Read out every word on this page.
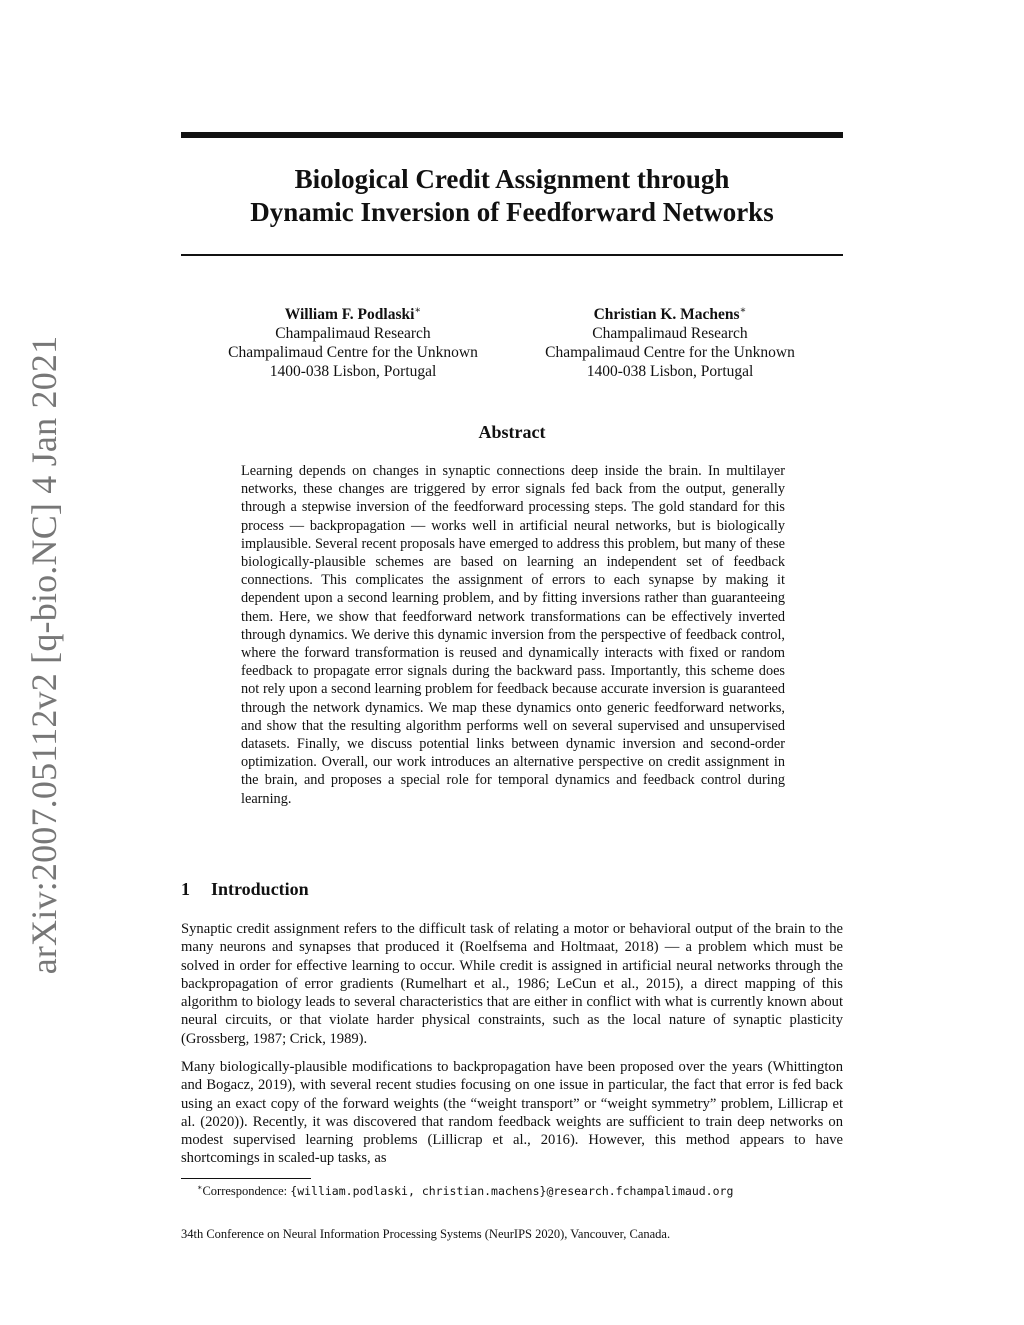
arXiv:2007.05112v2 [q-bio.NC] 4 Jan 2021
Biological Credit Assignment through
Dynamic Inversion of Feedforward Networks
William F. Podlaski∗
Champalimaud Research
Champalimaud Centre for the Unknown
1400-038 Lisbon, Portugal
Christian K. Machens∗
Champalimaud Research
Champalimaud Centre for the Unknown
1400-038 Lisbon, Portugal
Abstract

Learning depends on changes in synaptic connections deep inside the brain. In multilayer networks, these changes are triggered by error signals fed back from the output, generally through a stepwise inversion of the feedforward processing steps. The gold standard for this process — backpropagation — works well in artificial neural networks, but is biologically implausible. Several recent proposals have emerged to address this problem, but many of these biologically-plausible schemes are based on learning an independent set of feedback connections. This complicates the assignment of errors to each synapse by making it dependent upon a second learning problem, and by fitting inversions rather than guaranteeing them. Here, we show that feedforward network transformations can be effectively inverted through dynamics. We derive this dynamic inversion from the perspective of feedback control, where the forward transformation is reused and dynamically interacts with fixed or random feedback to propagate error signals during the backward pass. Importantly, this scheme does not rely upon a second learning problem for feedback because accurate inversion is guaranteed through the network dynamics. We map these dynamics onto generic feedforward networks, and show that the resulting algorithm performs well on several supervised and unsupervised datasets. Finally, we discuss potential links between dynamic inversion and second-order optimization. Overall, our work introduces an alternative perspective on credit assignment in the brain, and proposes a special role for temporal dynamics and feedback control during learning.

1 Introduction

Synaptic credit assignment refers to the difficult task of relating a motor or behavioral output of the brain to the many neurons and synapses that produced it (Roelfsema and Holtmaat, 2018) — a problem which must be solved in order for effective learning to occur. While credit is assigned in artificial neural networks through the backpropagation of error gradients (Rumelhart et al., 1986; LeCun et al., 2015), a direct mapping of this algorithm to biology leads to several characteristics that are either in conflict with what is currently known about neural circuits, or that violate harder physical constraints, such as the local nature of synaptic plasticity (Grossberg, 1987; Crick, 1989).

Many biologically-plausible modifications to backpropagation have been proposed over the years (Whittington and Bogacz, 2019), with several recent studies focusing on one issue in particular, the fact that error is fed back using an exact copy of the forward weights (the “weight transport” or “weight symmetry” problem, Lillicrap et al. (2020)). Recently, it was discovered that random feedback weights are sufficient to train deep networks on modest supervised learning problems (Lillicrap et al., 2016). However, this method appears to have shortcomings in scaled-up tasks, as

∗Correspondence: {william.podlaski, christian.machens}@research.fchampalimaud.org

34th Conference on Neural Information Processing Systems (NeurIPS 2020), Vancouver, Canada.
